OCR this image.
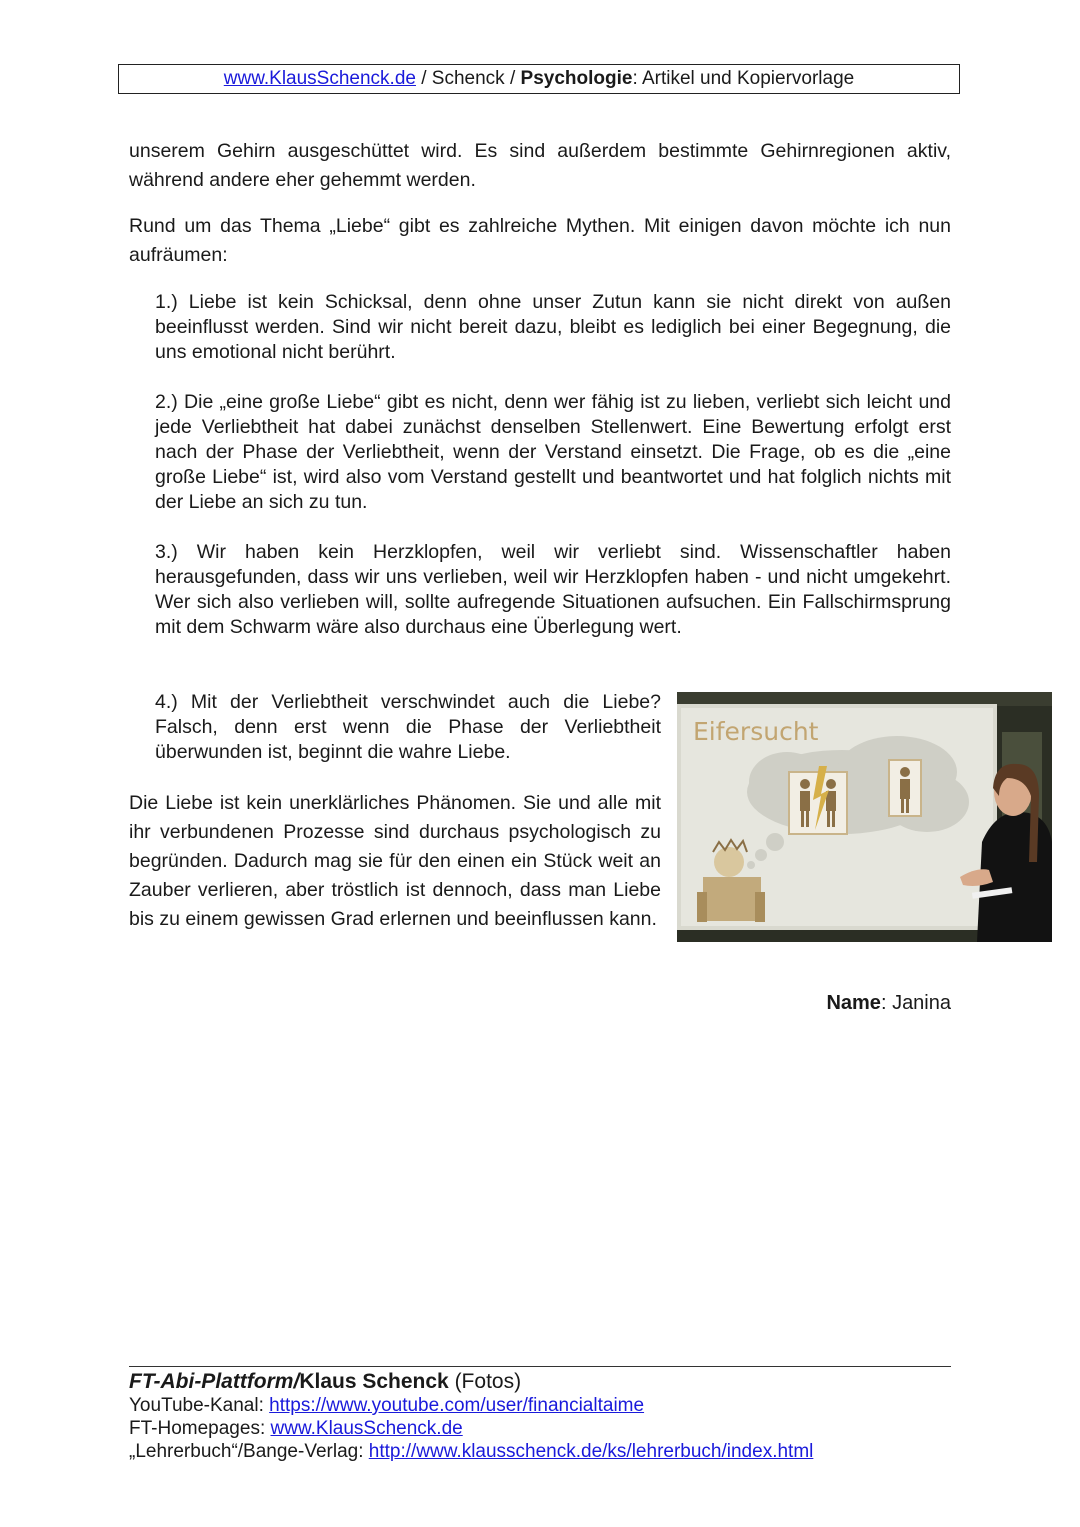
www.KlausSchenck.de / Schenck / Psychologie: Artikel und Kopiervorlage

unserem Gehirn ausgeschüttet wird. Es sind außerdem bestimmte Gehirnregionen aktiv, während andere eher gehemmt werden.

Rund um das Thema „Liebe“ gibt es zahlreiche Mythen. Mit einigen davon möchte ich nun aufräumen:

1.) Liebe ist kein Schicksal, denn ohne unser Zutun kann sie nicht direkt von außen beeinflusst werden. Sind wir nicht bereit dazu, bleibt es lediglich bei einer Begegnung, die uns emotional nicht berührt.

2.) Die „eine große Liebe“ gibt es nicht, denn wer fähig ist zu lieben, verliebt sich leicht und jede Verliebtheit hat dabei zunächst denselben Stellenwert. Eine Bewertung erfolgt erst nach der Phase der Verliebtheit, wenn der Verstand einsetzt. Die Frage, ob es die „eine große Liebe“ ist, wird also vom Verstand gestellt und beantwortet und hat folglich nichts mit der Liebe an sich zu tun.

3.) Wir haben kein Herzklopfen, weil wir verliebt sind. Wissenschaftler haben herausgefunden, dass wir uns verlieben, weil wir Herzklopfen haben - und nicht umgekehrt. Wer sich also verlieben will, sollte aufregende Situationen aufsuchen. Ein Fallschirmsprung mit dem Schwarm wäre also durchaus eine Überlegung wert.

4.) Mit der Verliebtheit verschwindet auch die Liebe? Falsch, denn erst wenn die Phase der Verliebtheit überwunden ist, beginnt die wahre Liebe.

Die Liebe ist kein unerklärliches Phänomen. Sie und alle mit ihr verbundenen Prozesse sind durchaus psychologisch zu begründen. Dadurch mag sie für den einen ein Stück weit an Zauber verlieren, aber tröstlich ist dennoch, dass man Liebe bis zu einem gewissen Grad erlernen und beeinflussen kann.

Eifersucht
Name: Janina
FT-Abi-Plattform/Klaus Schenck (Fotos)
YouTube-Kanal: https://www.youtube.com/user/financialtaime
FT-Homepages: www.KlausSchenck.de
„Lehrerbuch“/Bange-Verlag: http://www.klausschenck.de/ks/lehrerbuch/index.html
